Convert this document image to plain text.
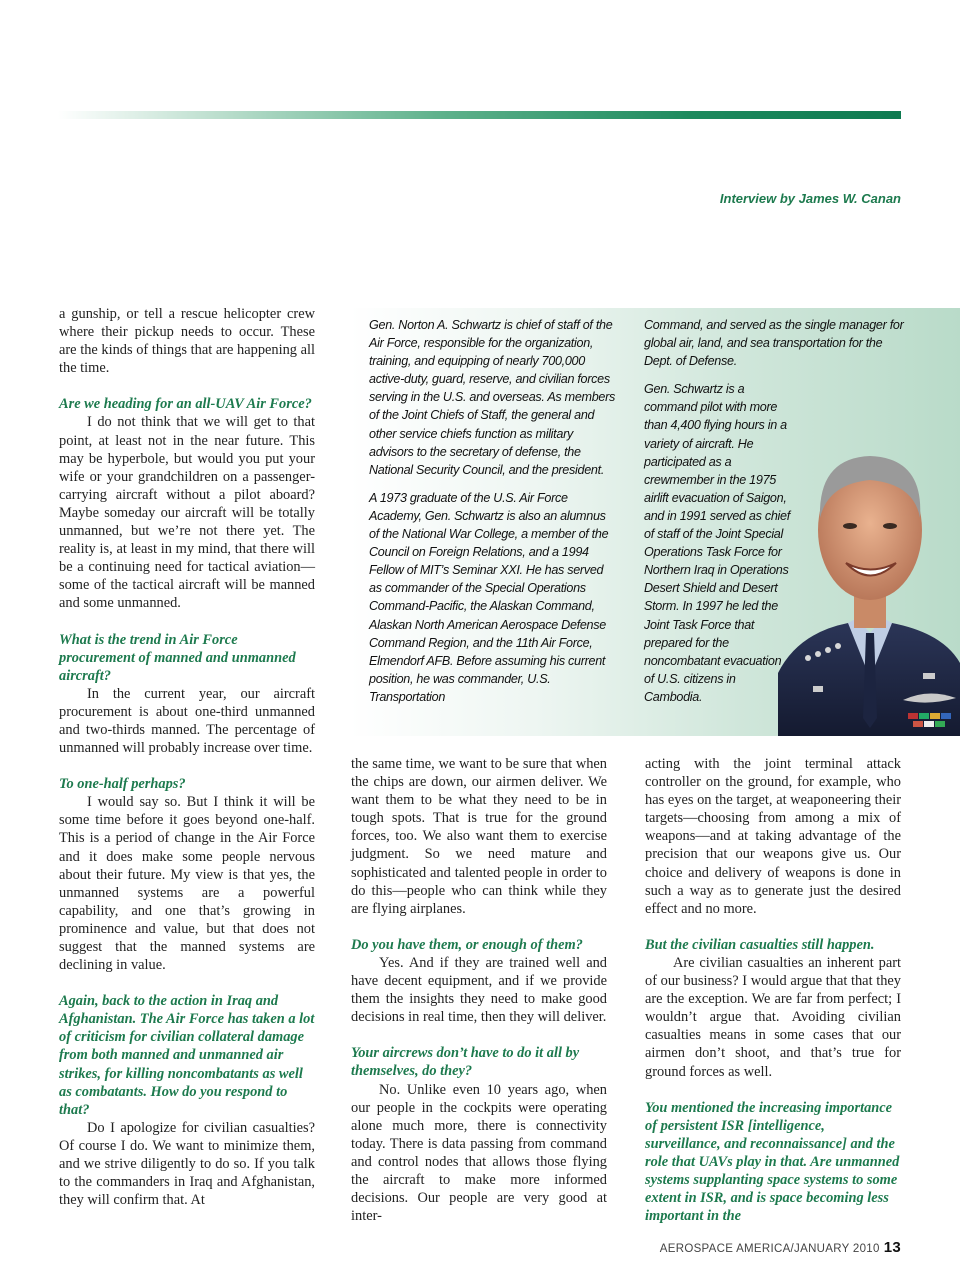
Interview by James W. Canan

a gunship, or tell a rescue helicopter crew where their pickup needs to occur. These are the kinds of things that are happening all the time.

Are we heading for an all-UAV Air Force?

I do not think that we will get to that point, at least not in the near future. This may be hyperbole, but would you put your wife or your grandchildren on a passenger-carrying aircraft without a pilot aboard? Maybe someday our aircraft will be totally unmanned, but we’re not there yet. The reality is, at least in my mind, that there will be a continuing need for tactical aviation—some of the tactical aircraft will be manned and some unmanned.

What is the trend in Air Force procurement of manned and unmanned aircraft?

In the current year, our aircraft procurement is about one-third unmanned and two-thirds manned. The percentage of unmanned will probably increase over time.

To one-half perhaps?

I would say so. But I think it will be some time before it goes beyond one-half. This is a period of change in the Air Force and it does make some people nervous about their future. My view is that yes, the unmanned systems are a powerful capability, and one that’s growing in prominence and value, but that does not suggest that the manned systems are declining in value.

Again, back to the action in Iraq and Afghanistan. The Air Force has taken a lot of criticism for civilian collateral damage from both manned and unmanned air strikes, for killing noncombatants as well as combatants. How do you respond to that?

Do I apologize for civilian casualties? Of course I do. We want to minimize them, and we strive diligently to do so. If you talk to the commanders in Iraq and Afghanistan, they will confirm that. At

Gen. Norton A. Schwartz is chief of staff of the Air Force, responsible for the organization, training, and equipping of nearly 700,000 active-duty, guard, reserve, and civilian forces serving in the U.S. and overseas. As members of the Joint Chiefs of Staff, the general and other service chiefs function as military advisors to the secretary of defense, the National Security Council, and the president.

A 1973 graduate of the U.S. Air Force Academy, Gen. Schwartz is also an alumnus of the National War College, a member of the Council on Foreign Relations, and a 1994 Fellow of MIT’s Seminar XXI. He has served as commander of the Special Operations Command-Pacific, the Alaskan Command, Alaskan North American Aerospace Defense Command Region, and the 11th Air Force, Elmendorf AFB. Before assuming his current position, he was commander, U.S. Transportation

Command, and served as the single manager for global air, land, and sea transportation for the Dept. of Defense.

Gen. Schwartz is a command pilot with more than 4,400 flying hours in a variety of aircraft. He participated as a crewmember in the 1975 airlift evacuation of Saigon, and in 1991 served as chief of staff of the Joint Special Operations Task Force for Northern Iraq in Operations Desert Shield and Desert Storm. In 1997 he led the Joint Task Force that prepared for the noncombatant evacuation of U.S. citizens in Cambodia.

the same time, we want to be sure that when the chips are down, our airmen deliver. We want them to be what they need to be in tough spots. That is true for the ground forces, too. We also want them to exercise judgment. So we need mature and sophisticated and talented people in order to do this—people who can think while they are flying airplanes.

Do you have them, or enough of them?

Yes. And if they are trained well and have decent equipment, and if we provide them the insights they need to make good decisions in real time, then they will deliver.

Your aircrews don’t have to do it all by themselves, do they?

No. Unlike even 10 years ago, when our people in the cockpits were operating alone much more, there is connectivity today. There is data passing from command and control nodes that allows those flying the aircraft to make more informed decisions. Our people are very good at inter-

acting with the joint terminal attack controller on the ground, for example, who has eyes on the target, at weaponeering their targets—choosing from among a mix of weapons—and at taking advantage of the precision that our weapons give us. Our choice and delivery of weapons is done in such a way as to generate just the desired effect and no more.

But the civilian casualties still happen.

Are civilian casualties an inherent part of our business? I would argue that that they are the exception. We are far from perfect; I wouldn’t argue that. Avoiding civilian casualties means in some cases that our airmen don’t shoot, and that’s true for ground forces as well.

You mentioned the increasing importance of persistent ISR [intelligence, surveillance, and reconnaissance] and the role that UAVs play in that. Are unmanned systems supplanting space systems to some extent in ISR, and is space becoming less important in the

AEROSPACE AMERICA/JANUARY 2010 13
